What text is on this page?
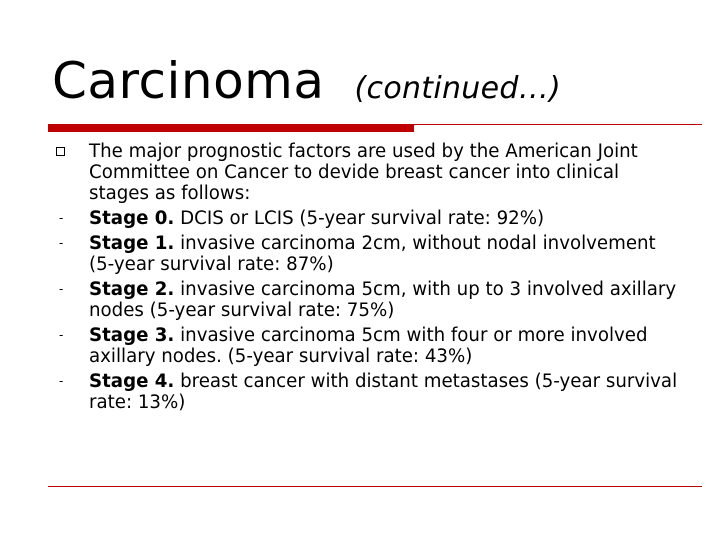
Carcinoma (continued…)
The major prognostic factors are used by the American Joint Committee on Cancer to devide breast cancer into clinical stages as follows:
- Stage 0. DCIS or LCIS (5-year survival rate: 92%)
- Stage 1. invasive carcinoma 2cm, without nodal involvement (5-year survival rate: 87%)
- Stage 2. invasive carcinoma 5cm, with up to 3 involved axillary nodes (5-year survival rate: 75%)
- Stage 3. invasive carcinoma 5cm with four or more involved axillary nodes. (5-year survival rate: 43%)
- Stage 4. breast cancer with distant metastases (5-year survival rate: 13%)
